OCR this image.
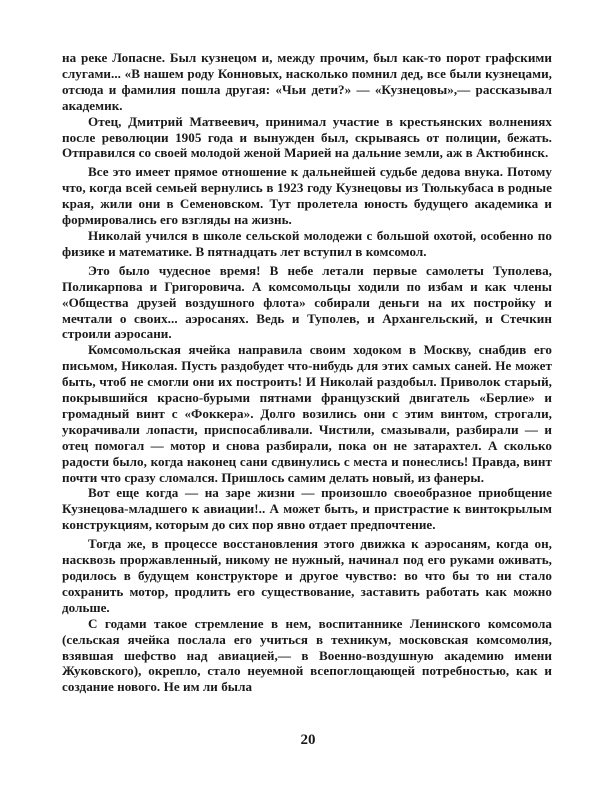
на реке Лопасне. Был кузнецом и, между прочим, был как-то порот графскими слугами... «В нашем роду Конновых, насколько помнил дед, все были кузнецами, отсюда и фамилия пошла другая: «Чьи дети?» — «Кузнецовы»,— рассказывал академик.

Отец, Дмитрий Матвеевич, принимал участие в крестьянских волнениях после революции 1905 года и вынужден был, скрываясь от полиции, бежать. Отправился со своей молодой женой Марией на дальние земли, аж в Актюбинск.

Все это имеет прямое отношение к дальнейшей судьбе дедова внука. Потому что, когда всей семьей вернулись в 1923 году Кузнецовы из Тюлькубаса в родные края, жили они в Семеновском. Тут пролетела юность будущего академика и формировались его взгляды на жизнь.

Николай учился в школе сельской молодежи с большой охотой, особенно по физике и математике. В пятнадцать лет вступил в комсомол.

Это было чудесное время! В небе летали первые самолеты Туполева, Поликарпова и Григоровича. А комсомольцы ходили по избам и как члены «Общества друзей воздушного флота» собирали деньги на их постройку и мечтали о своих... аэросанях. Ведь и Туполев, и Архангельский, и Стечкин строили аэросани.

Комсомольская ячейка направила своим ходоком в Москву, снабдив его письмом, Николая. Пусть раздобудет что-нибудь для этих самых саней. Не может быть, чтоб не смогли они их построить! И Николай раздобыл. Приволок старый, покрывшийся красно-бурыми пятнами французский двигатель «Берлие» и громадный винт с «Фоккера». Долго возились они с этим винтом, строгали, укорачивали лопасти, приспосабливали. Чистили, смазывали, разбирали — и отец помогал — мотор и снова разбирали, пока он не затарахтел. А сколько радости было, когда наконец сани сдвинулись с места и понеслись! Правда, винт почти что сразу сломался. Пришлось самим делать новый, из фанеры.

Вот еще когда — на заре жизни — произошло своеобразное приобщение Кузнецова-младшего к авиации!.. А может быть, и пристрастие к винтокрылым конструкциям, которым до сих пор явно отдает предпочтение.

Тогда же, в процессе восстановления этого движка к аэросаням, когда он, насквозь проржавленный, никому не нужный, начинал под его руками оживать, родилось в будущем конструкторе и другое чувство: во что бы то ни стало сохранить мотор, продлить его существование, заставить работать как можно дольше.

С годами такое стремление в нем, воспитаннике Ленинского комсомола (сельская ячейка послала его учиться в техникум, московская комсомолия, взявшая шефство над авиацией,— в Военно-воздушную академию имени Жуковского), окрепло, стало неуемной всепоглощающей потребностью, как и создание нового. Не им ли была

20
